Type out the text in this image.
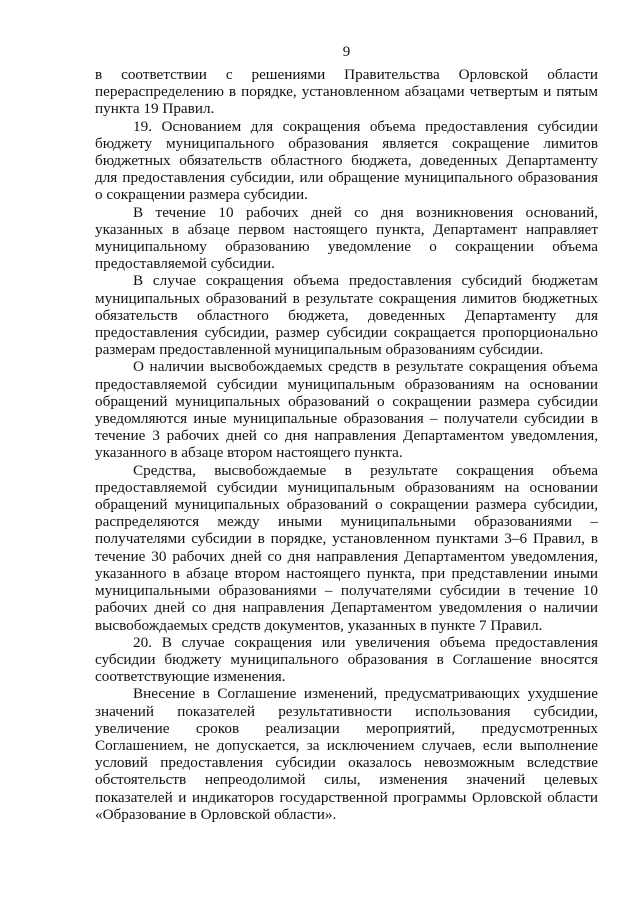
9

в соответствии с решениями Правительства Орловской области перераспределению в порядке, установленном абзацами четвертым и пятым пункта 19 Правил.

19. Основанием для сокращения объема предоставления субсидии бюджету муниципального образования является сокращение лимитов бюджетных обязательств областного бюджета, доведенных Департаменту для предоставления субсидии, или обращение муниципального образования о сокращении размера субсидии.

В течение 10 рабочих дней со дня возникновения оснований, указанных в абзаце первом настоящего пункта, Департамент направляет муниципальному образованию уведомление о сокращении объема предоставляемой субсидии.

В случае сокращения объема предоставления субсидий бюджетам муниципальных образований в результате сокращения лимитов бюджетных обязательств областного бюджета, доведенных Департаменту для предоставления субсидии, размер субсидии сокращается пропорционально размерам предоставленной муниципальным образованиям субсидии.

О наличии высвобождаемых средств в результате сокращения объема предоставляемой субсидии муниципальным образованиям на основании обращений муниципальных образований о сокращении размера субсидии уведомляются иные муниципальные образования – получатели субсидии в течение 3 рабочих дней со дня направления Департаментом уведомления, указанного в абзаце втором настоящего пункта.

Средства, высвобождаемые в результате сокращения объема предоставляемой субсидии муниципальным образованиям на основании обращений муниципальных образований о сокращении размера субсидии, распределяются между иными муниципальными образованиями – получателями субсидии в порядке, установленном пунктами 3–6 Правил, в течение 30 рабочих дней со дня направления Департаментом уведомления, указанного в абзаце втором настоящего пункта, при представлении иными муниципальными образованиями – получателями субсидии в течение 10 рабочих дней со дня направления Департаментом уведомления о наличии высвобождаемых средств документов, указанных в пункте 7 Правил.

20. В случае сокращения или увеличения объема предоставления субсидии бюджету муниципального образования в Соглашение вносятся соответствующие изменения.

Внесение в Соглашение изменений, предусматривающих ухудшение значений показателей результативности использования субсидии, увеличение сроков реализации мероприятий, предусмотренных Соглашением, не допускается, за исключением случаев, если выполнение условий предоставления субсидии оказалось невозможным вследствие обстоятельств непреодолимой силы, изменения значений целевых показателей и индикаторов государственной программы Орловской области «Образование в Орловской области».
